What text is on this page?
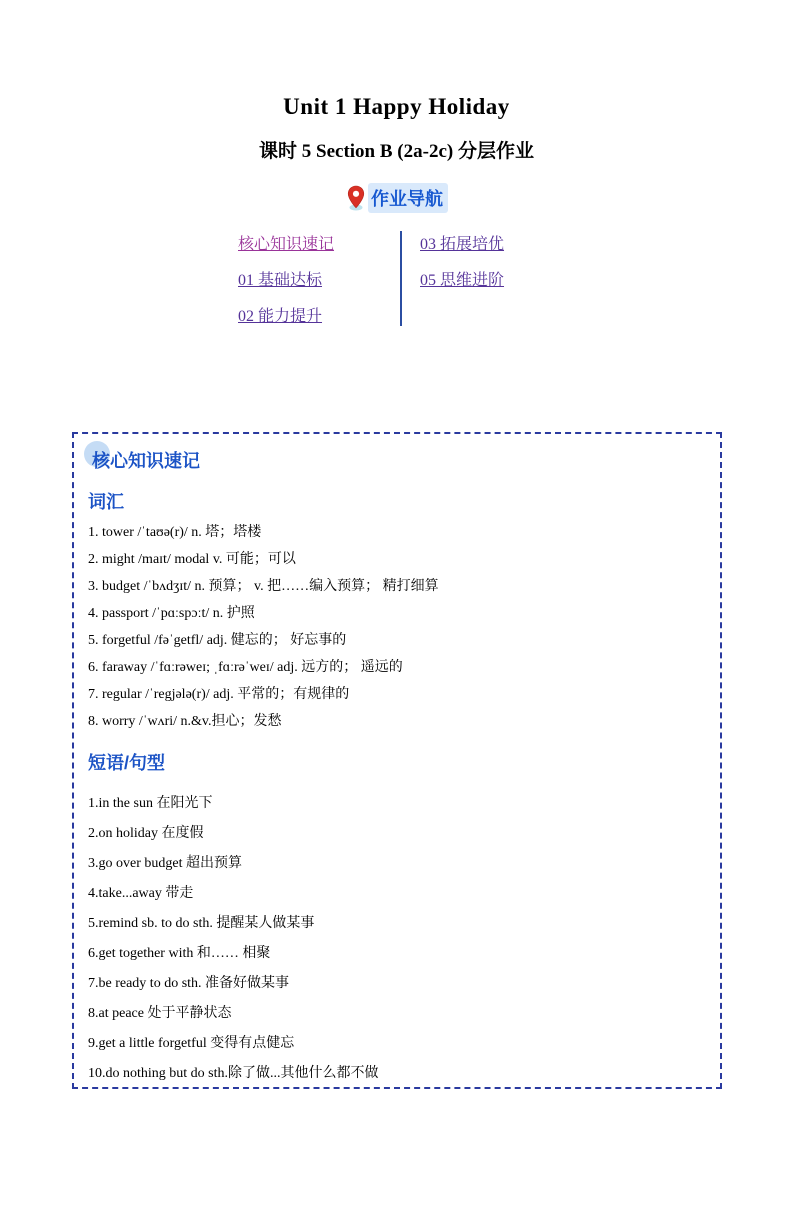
Unit 1 Happy Holiday
课时 5 Section B (2a-2c) 分层作业
作业导航
核心知识速记
01 基础达标
02 能力提升
03 拓展培优
05 思维进阶
核心知识速记
词汇

1. tower /ˈtaʊə(r)/ n. 塔；塔楼

2. might /maɪt/ modal v. 可能；可以

3. budget /ˈbʌdʒɪt/ n. 预算； v. 把……编入预算； 精打细算

4. passport /ˈpɑːspɔːt/ n. 护照

5. forgetful /fəˈgetfl/ adj. 健忘的； 好忘事的

6. faraway /ˈfɑːrəweɪ; ˌfɑːrəˈweɪ/ adj. 远方的； 遥远的

7. regular /ˈregjələ(r)/ adj. 平常的；有规律的

8. worry /ˈwʌri/ n.&v.担心；发愁

短语/句型

1.in the sun 在阳光下

2.on holiday 在度假

3.go over budget 超出预算

4.take...away 带走

5.remind sb. to do sth. 提醒某人做某事

6.get together with 和…… 相聚

7.be ready to do sth. 准备好做某事

8.at peace 处于平静状态

9.get a little forgetful 变得有点健忘

10.do nothing but do sth.除了做...其他什么都不做
